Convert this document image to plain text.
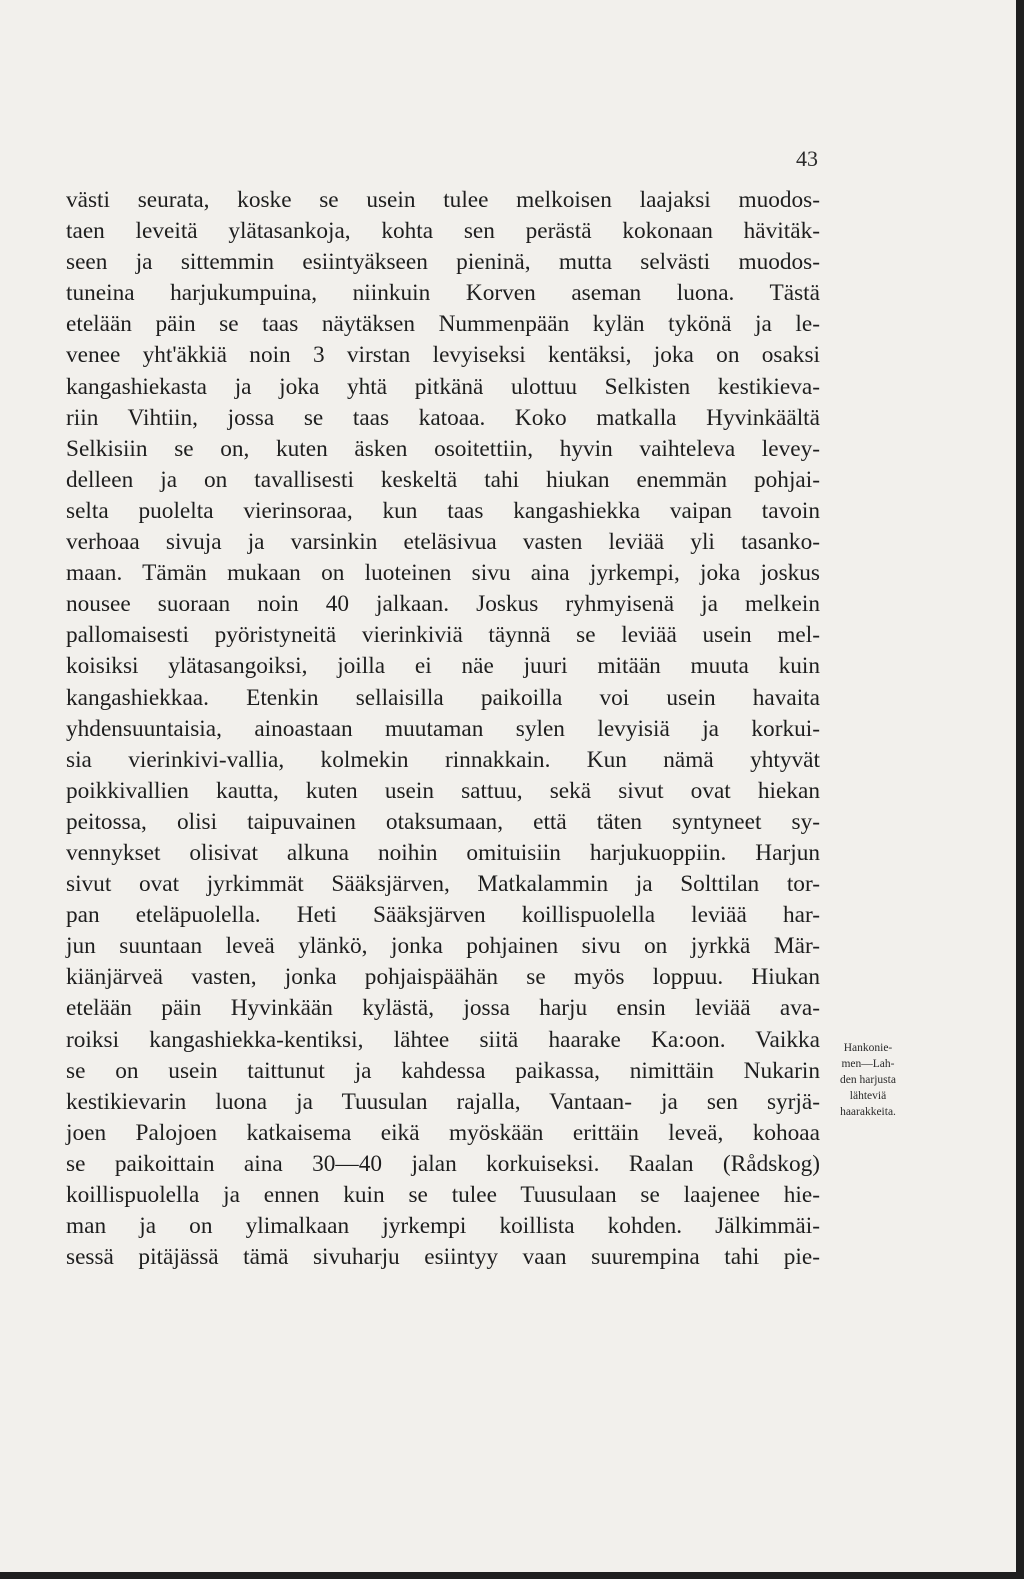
43
västi seurata, koske se usein tulee melkoisen laajaksi muodos-
taen leveitä ylätasankoja, kohta sen perästä kokonaan hävitäk-
seen ja sittemmin esiintyäkseen pieninä, mutta selvästi muodos-
tuneina harjukumpuina, niinkuin Korven aseman luona. Tästä
etelään päin se taas näytäksen Nummenpään kylän tykönä ja le-
venee yht'äkkiä noin 3 virstan levyiseksi kentäksi, joka on osaksi
kangashiekasta ja joka yhtä pitkänä ulottuu Selkisten kestikieva-
riin Vihtiin, jossa se taas katoaa. Koko matkalla Hyvinkäältä
Selkisiin se on, kuten äsken osoitettiin, hyvin vaihteleva levey-
delleen ja on tavallisesti keskeltä tahi hiukan enemmän pohjai-
selta puolelta vierinsoraa, kun taas kangashiekka vaipan tavoin
verhoaa sivuja ja varsinkin eteläsivua vasten leviää yli tasanko-
maan. Tämän mukaan on luoteinen sivu aina jyrkempi, joka joskus
nousee suoraan noin 40 jalkaan. Joskus ryhmyisenä ja melkein
pallomaisesti pyöristyneitä vierinkiviä täynnä se leviää usein mel-
koisiksi ylätasangoiksi, joilla ei näe juuri mitään muuta kuin
kangashiekkaa. Etenkin sellaisilla paikoilla voi usein havaita
yhdensuuntaisia, ainoastaan muutaman sylen levyisiä ja korkui-
sia vierinkivi-vallia, kolmekin rinnakkain. Kun nämä yhtyvät
poikkivallien kautta, kuten usein sattuu, sekä sivut ovat hiekan
peitossa, olisi taipuvainen otaksumaan, että täten syntyneet sy-
vennykset olisivat alkuna noihin omituisiin harjukuoppiin. Harjun
sivut ovat jyrkimmät Sääksjärven, Matkalammin ja Solttilan tor-
pan eteläpuolella. Heti Sääksjärven koillispuolella leviää har-
jun suuntaan leveä ylänkö, jonka pohjainen sivu on jyrkkä Mär-
kiänjärveä vasten, jonka pohjaispäähän se myös loppuu. Hiukan
etelään päin Hyvinkään kylästä, jossa harju ensin leviää ava-
roiksi kangashiekka-kentiksi, lähtee siitä haarake Ka:oon. Vaikka
se on usein taittunut ja kahdessa paikassa, nimittäin Nukarin
kestikievarin luona ja Tuusulan rajalla, Vantaan- ja sen syrjä-
joen Palojoen katkaisema eikä myöskään erittäin leveä, kohoaa
se paikoittain aina 30—40 jalan korkuiseksi. Raalan (Rådskog)
koillispuolella ja ennen kuin se tulee Tuusulaan se laajenee hie-
man ja on ylimalkaan jyrkempi koillista kohden. Jälkimmäi-
sessä pitäjässä tämä sivuharju esiintyy vaan suurempina tahi pie-
Hankonie-
men—Lah-
den harjusta
lähteviä
haarakkeita.
